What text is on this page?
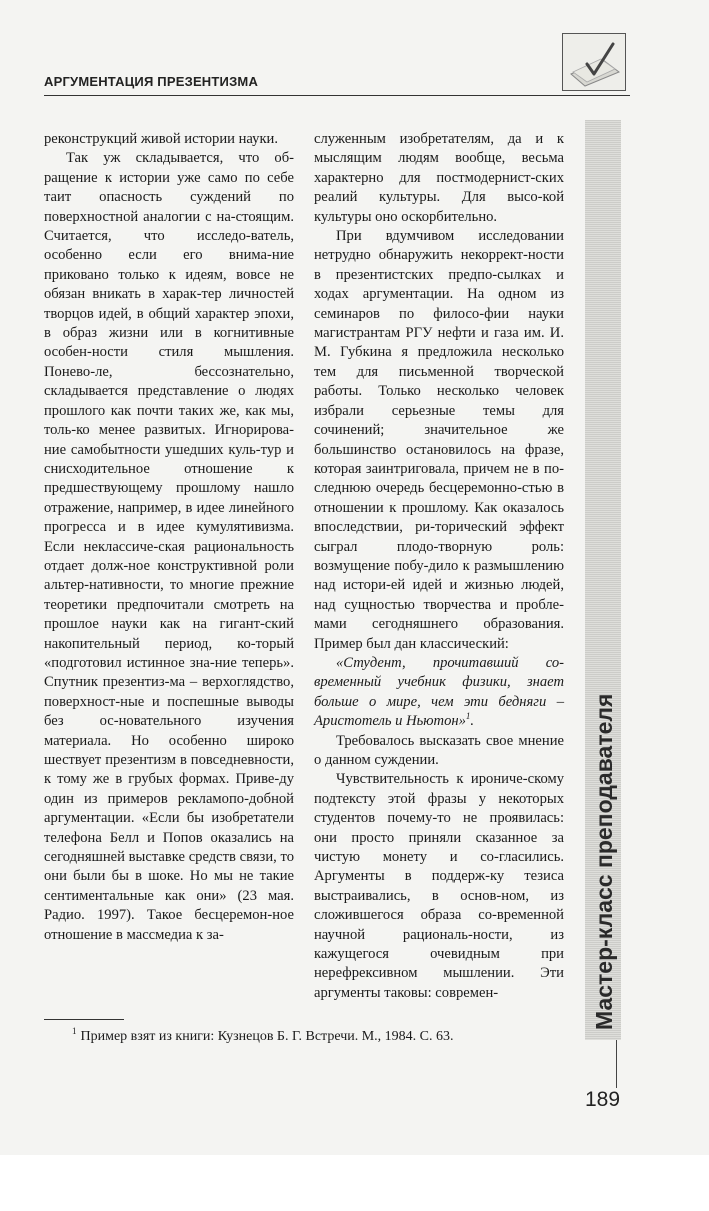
АРГУМЕНТАЦИЯ ПРЕЗЕНТИЗМА

реконструкций живой истории науки.

Так уж складывается, что об-ращение к истории уже само по себе таит опасность суждений по поверхностной аналогии с на-стоящим. Считается, что исследо-ватель, особенно если его внима-ние приковано только к идеям, вовсе не обязан вникать в харак-тер личностей творцов идей, в общий характер эпохи, в образ жизни или в когнитивные особен-ности стиля мышления. Понево-ле, бессознательно, складывается представление о людях прошлого как почти таких же, как мы, толь-ко менее развитых. Игнорирова-ние самобытности ушедших куль-тур и снисходительное отношение к предшествующему прошлому нашло отражение, например, в идее линейного прогресса и в идее кумулятивизма. Если неклассиче-ская рациональность отдает долж-ное конструктивной роли альтер-нативности, то многие прежние теоретики предпочитали смотреть на прошлое науки как на гигант-ский накопительный период, ко-торый «подготовил истинное зна-ние теперь». Спутник презентиз-ма – верхоглядство, поверхност-ные и поспешные выводы без ос-новательного изучения материала. Но особенно широко шествует презентизм в повседневности, к тому же в грубых формах. Приве-ду один из примеров рекламопо-добной аргументации. «Если бы изобретатели телефона Белл и Попов оказались на сегодняшней выставке средств связи, то они были бы в шоке. Но мы не такие сентиментальные как они» (23 мая. Радио. 1997). Такое бесцеремон-ное отношение в массмедиа к за-

служенным изобретателям, да и к мыслящим людям вообще, весьма характерно для постмодернист-ских реалий культуры. Для высо-кой культуры оно оскорбительно.

При вдумчивом исследовании нетрудно обнаружить некоррект-ности в презентистских предпо-сылках и ходах аргументации. На одном из семинаров по филосо-фии науки магистрантам РГУ нефти и газа им. И. М. Губкина я предложила несколько тем для письменной творческой работы. Только несколько человек избрали серьезные темы для сочинений; значительное же большинство остановилось на фразе, которая заинтриговала, причем не в по-следнюю очередь бесцеремонно-стью в отношении к прошлому. Как оказалось впоследствии, ри-торический эффект сыграл плодо-творную роль: возмущение побу-дило к размышлению над истори-ей идей и жизнью людей, над сущностью творчества и пробле-мами сегодняшнего образования. Пример был дан классический:

«Студент, прочитавший со-временный учебник физики, знает больше о мире, чем эти бедняги – Аристотель и Ньютон»$^1$.

Требовалось высказать свое мнение о данном суждении.

Чувствительность к ирониче-скому подтексту этой фразы у некоторых студентов почему-то не проявилась: они просто приняли сказанное за чистую монету и со-гласились. Аргументы в поддерж-ку тезиса выстраивались, в основ-ном, из сложившегося образа со-временной научной рациональ-ности, из кажущегося очевидным при нерефрексивном мышлении. Эти аргументы таковы: современ-

$^1$ Пример взят из книги: Кузнецов Б. Г. Встречи. М., 1984. С. 63.
189
